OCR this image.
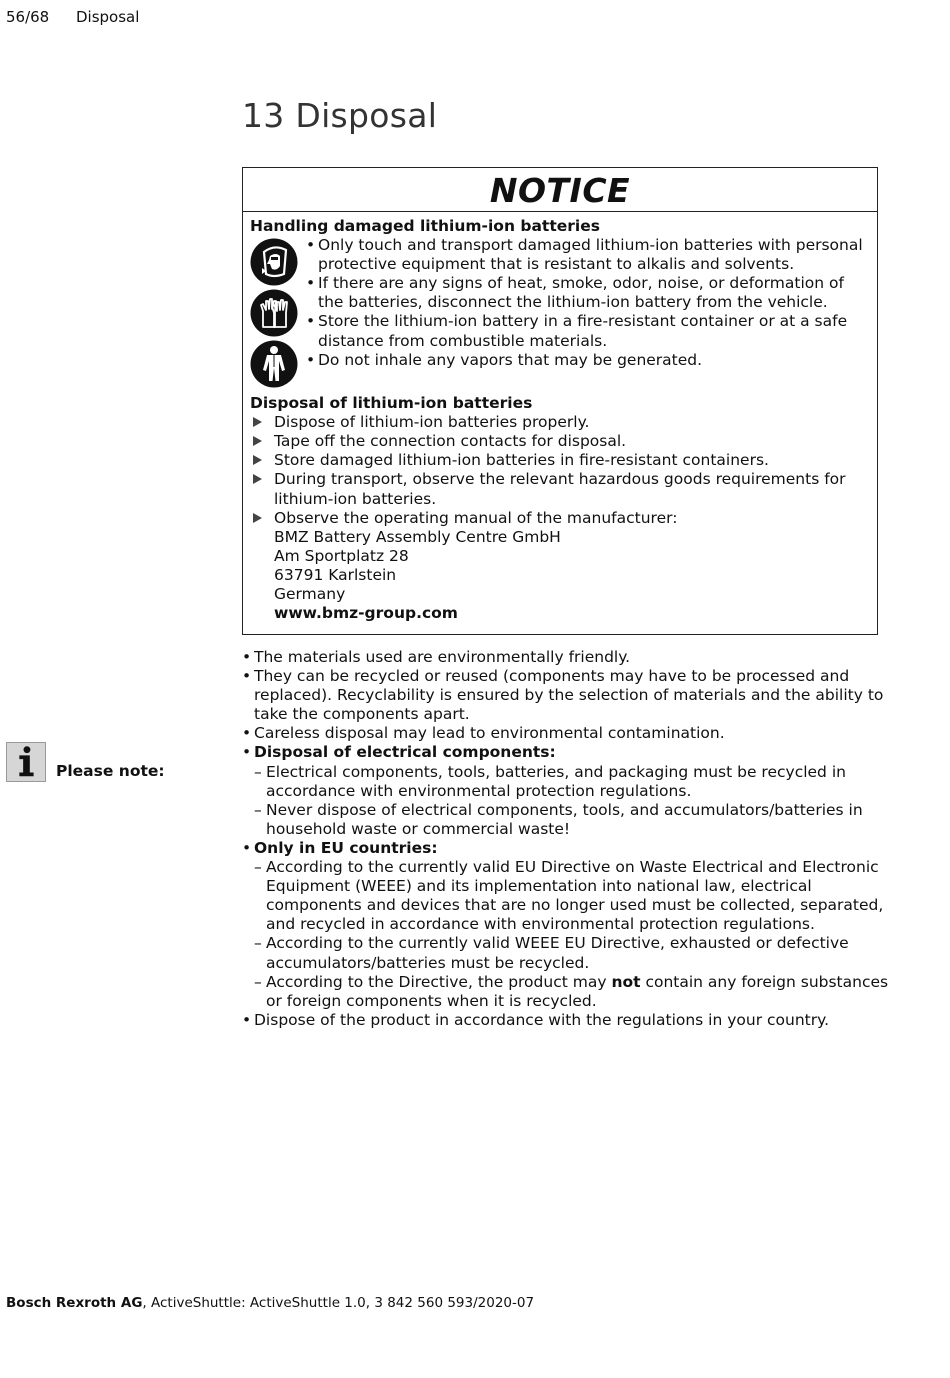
56/68 Disposal
13 Disposal
NOTICE
Handling damaged lithium-ion batteries
• Only touch and transport damaged lithium-ion batteries with personal protective equipment that is resistant to alkalis and solvents.
• If there are any signs of heat, smoke, odor, noise, or deformation of the batteries, disconnect the lithium-ion battery from the vehicle.
• Store the lithium-ion battery in a fire-resistant container or at a safe distance from combustible materials.
• Do not inhale any vapors that may be generated.
Disposal of lithium-ion batteries
Dispose of lithium-ion batteries properly.
Tape off the connection contacts for disposal.
Store damaged lithium-ion batteries in fire-resistant containers.
During transport, observe the relevant hazardous goods requirements for lithium-ion batteries.
Observe the operating manual of the manufacturer:
BMZ Battery Assembly Centre GmbH
Am Sportplatz 28
63791 Karlstein
Germany
www.bmz-group.com
Please note:
• The materials used are environmentally friendly.
• They can be recycled or reused (components may have to be processed and replaced). Recyclability is ensured by the selection of materials and the ability to take the components apart.
• Careless disposal may lead to environmental contamination.
• Disposal of electrical components:
– Electrical components, tools, batteries, and packaging must be recycled in accordance with environmental protection regulations.
– Never dispose of electrical components, tools, and accumulators/batteries in household waste or commercial waste!
• Only in EU countries:
– According to the currently valid EU Directive on Waste Electrical and Electronic Equipment (WEEE) and its implementation into national law, electrical components and devices that are no longer used must be collected, separated, and recycled in accordance with environmental protection regulations.
– According to the currently valid WEEE EU Directive, exhausted or defective accumulators/batteries must be recycled.
– According to the Directive, the product may not contain any foreign substances or foreign components when it is recycled.
• Dispose of the product in accordance with the regulations in your country.
Bosch Rexroth AG, ActiveShuttle: ActiveShuttle 1.0, 3 842 560 593/2020-07
